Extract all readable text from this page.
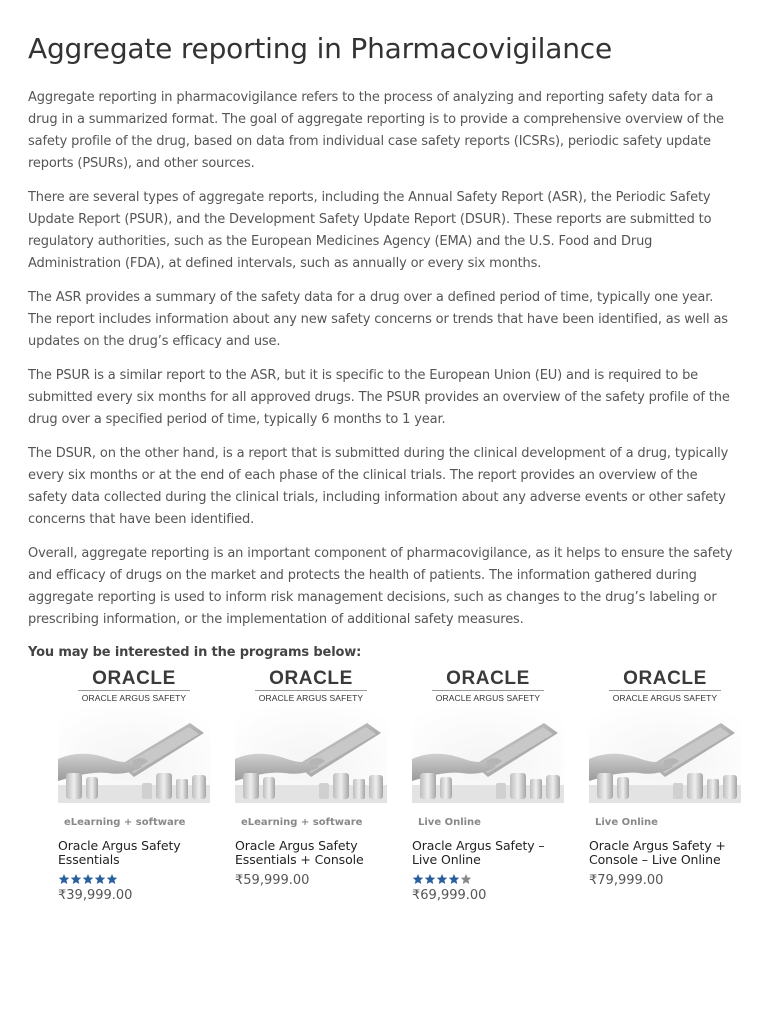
Aggregate reporting in Pharmacovigilance

Aggregate reporting in pharmacovigilance refers to the process of analyzing and reporting safety data for a drug in a summarized format. The goal of aggregate reporting is to provide a comprehensive overview of the safety profile of the drug, based on data from individual case safety reports (ICSRs), periodic safety update reports (PSURs), and other sources.

There are several types of aggregate reports, including the Annual Safety Report (ASR), the Periodic Safety Update Report (PSUR), and the Development Safety Update Report (DSUR). These reports are submitted to regulatory authorities, such as the European Medicines Agency (EMA) and the U.S. Food and Drug Administration (FDA), at defined intervals, such as annually or every six months.

The ASR provides a summary of the safety data for a drug over a defined period of time, typically one year. The report includes information about any new safety concerns or trends that have been identified, as well as updates on the drug’s efficacy and use.

The PSUR is a similar report to the ASR, but it is specific to the European Union (EU) and is required to be submitted every six months for all approved drugs. The PSUR provides an overview of the safety profile of the drug over a specified period of time, typically 6 months to 1 year.

The DSUR, on the other hand, is a report that is submitted during the clinical development of a drug, typically every six months or at the end of each phase of the clinical trials. The report provides an overview of the safety data collected during the clinical trials, including information about any adverse events or other safety concerns that have been identified.

Overall, aggregate reporting is an important component of pharmacovigilance, as it helps to ensure the safety and efficacy of drugs on the market and protects the health of patients. The information gathered during aggregate reporting is used to inform risk management decisions, such as changes to the drug’s labeling or prescribing information, or the implementation of additional safety measures.

You may be interested in the programs below:

ORACLE
ORACLE ARGUS SAFETY
eLearning + software
Oracle Argus Safety Essentials
₹39,999.00
ORACLE
ORACLE ARGUS SAFETY
eLearning + software
Oracle Argus Safety Essentials + Console
₹59,999.00
ORACLE
ORACLE ARGUS SAFETY
Live Online
Oracle Argus Safety – Live Online
₹69,999.00
ORACLE
ORACLE ARGUS SAFETY
Live Online
Oracle Argus Safety + Console – Live Online
₹79,999.00
